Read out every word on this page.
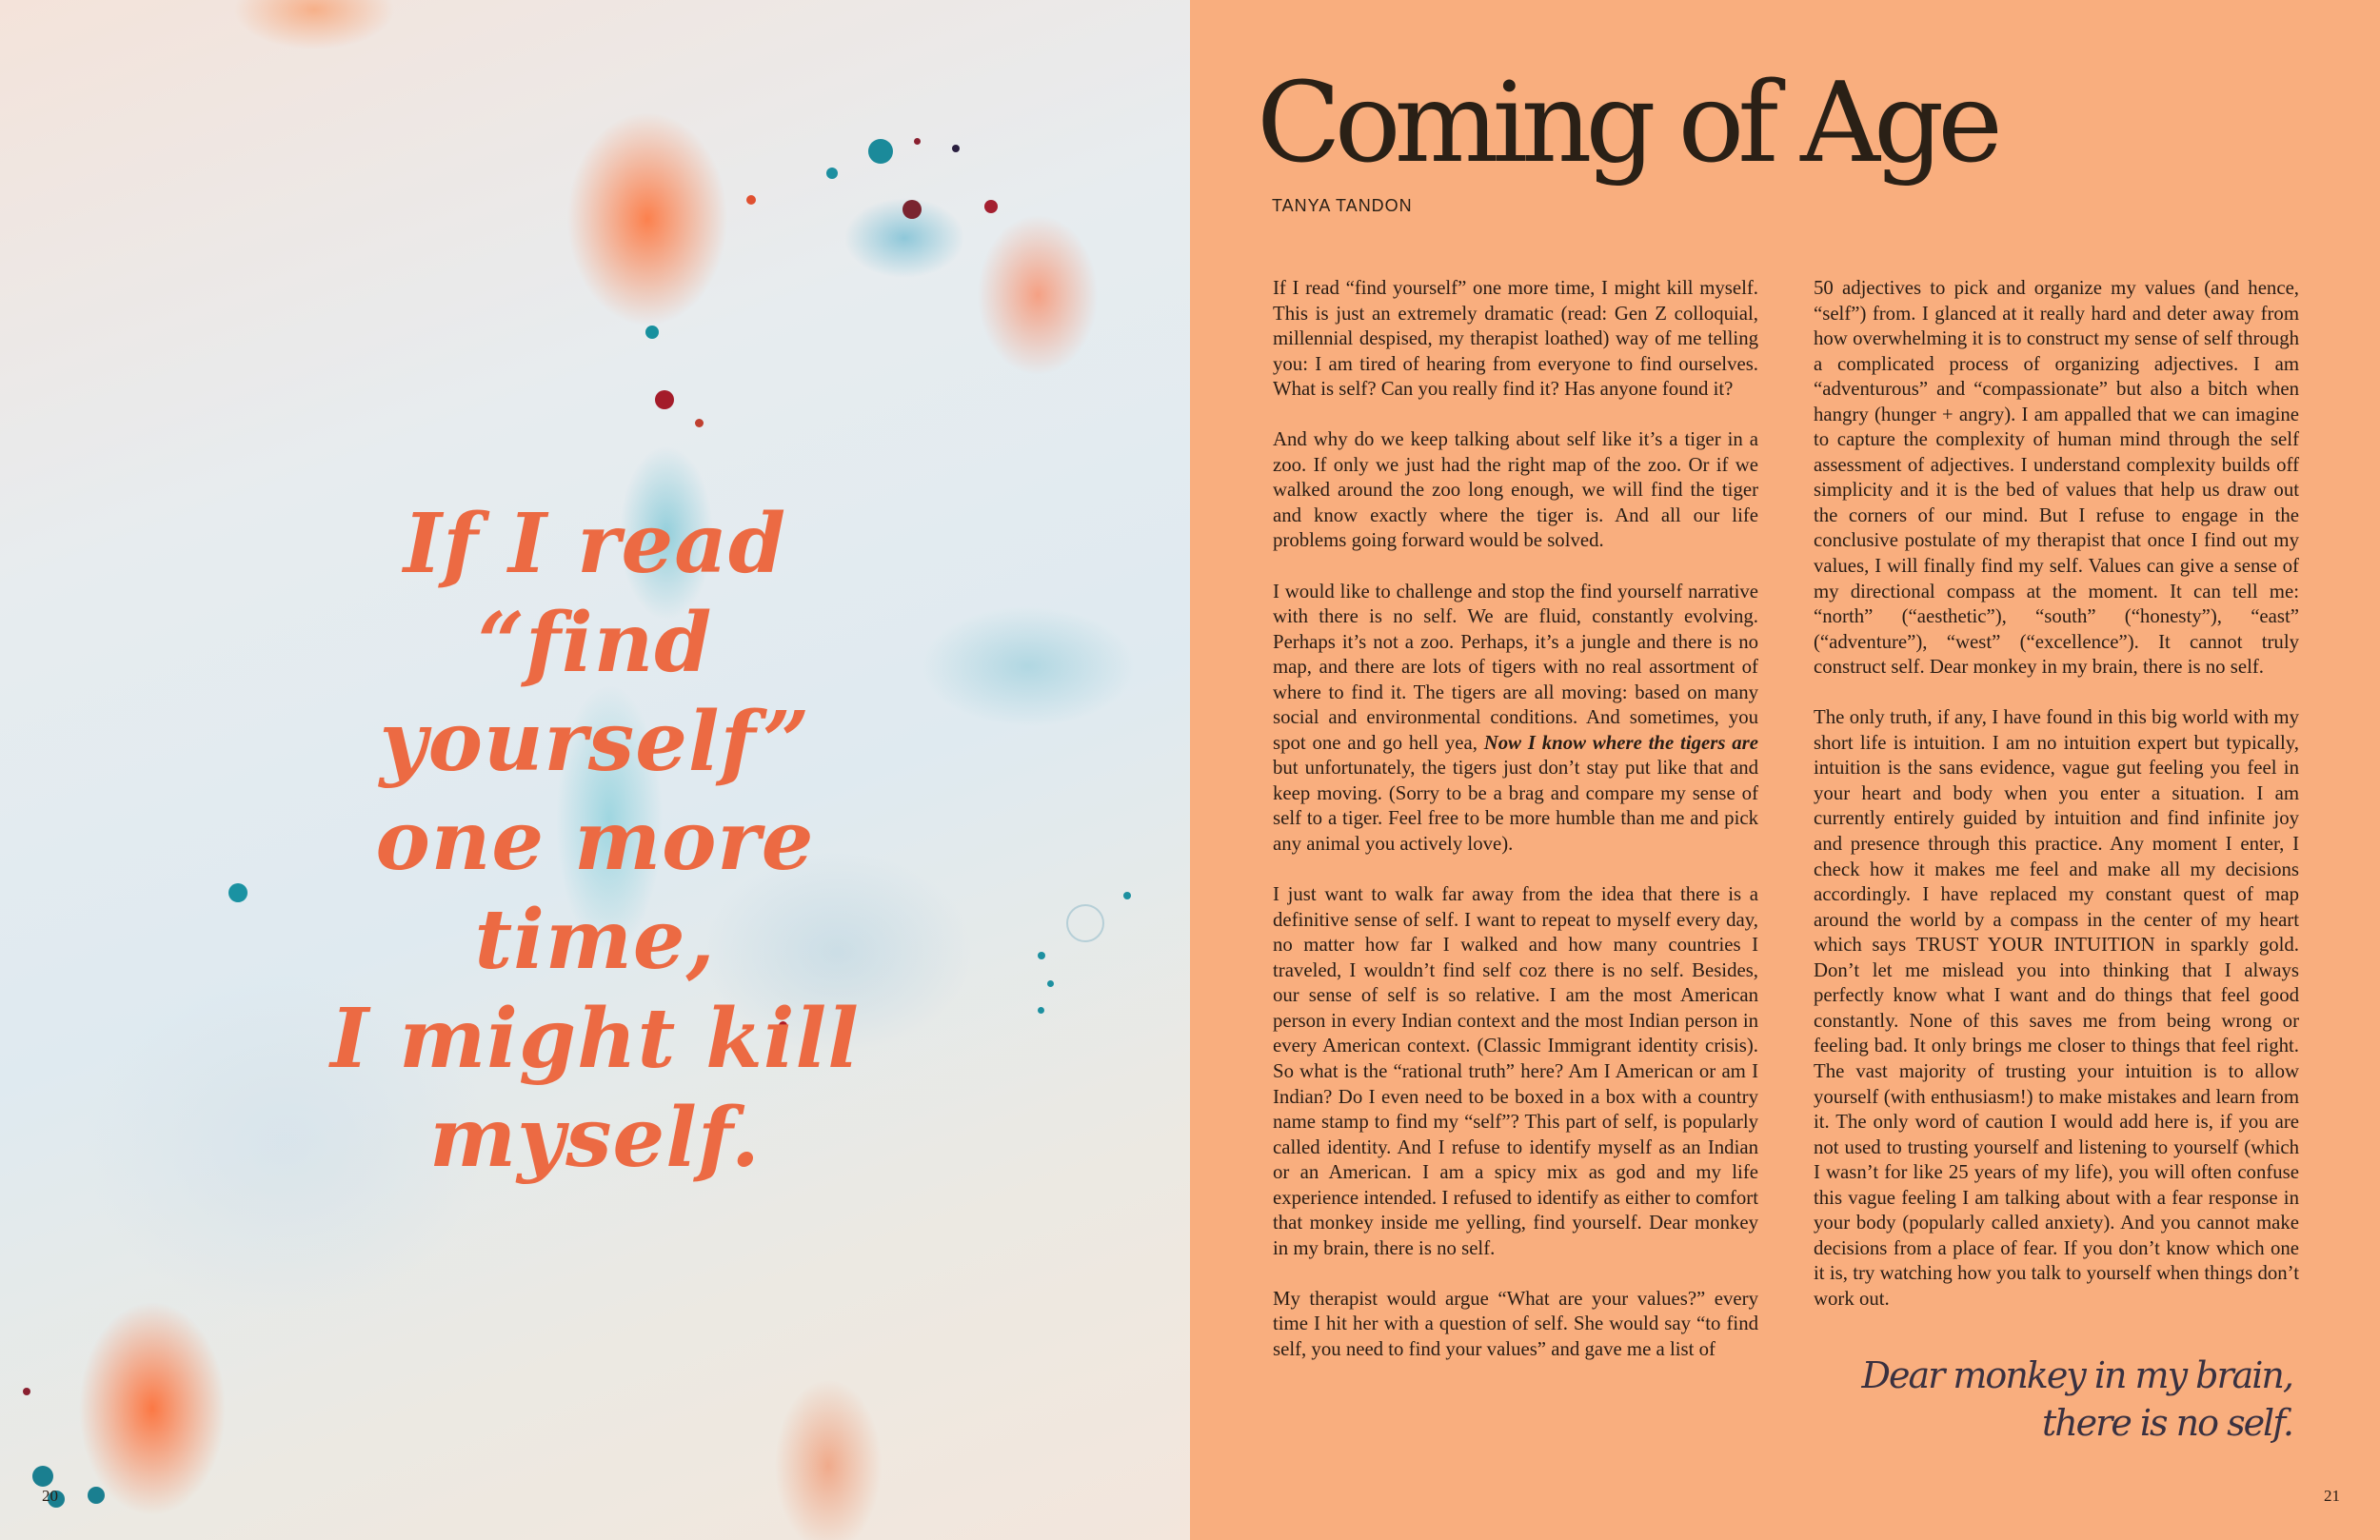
If I read
“find yourself”
one more time,
I might kill
myself.
20
Coming of Age
TANYA TANDON

If I read “find yourself” one more time, I might kill myself. This is just an extremely dramatic (read: Gen Z colloquial, millennial despised, my therapist loathed) way of me telling you: I am tired of hearing from everyone to find ourselves. What is self? Can you really find it? Has anyone found it?

And why do we keep talking about self like it’s a tiger in a zoo. If only we just had the right map of the zoo. Or if we walked around the zoo long enough, we will find the tiger and know exactly where the tiger is. And all our life problems going forward would be solved.

I would like to challenge and stop the find yourself narrative with there is no self. We are fluid, constantly evolving. Perhaps it’s not a zoo. Perhaps, it’s a jungle and there is no map, and there are lots of tigers with no real assortment of where to find it. The tigers are all moving: based on many social and environmental conditions. And sometimes, you spot one and go hell yea, Now I know where the tigers are but unfortunately, the tigers just don’t stay put like that and keep moving. (Sorry to be a brag and compare my sense of self to a tiger. Feel free to be more humble than me and pick any animal you actively love).

I just want to walk far away from the idea that there is a definitive sense of self. I want to repeat to myself every day, no matter how far I walked and how many countries I traveled, I wouldn’t find self coz there is no self. Besides, our sense of self is so relative. I am the most American person in every Indian context and the most Indian person in every American context. (Classic Immigrant identity crisis). So what is the “rational truth” here? Am I American or am I Indian? Do I even need to be boxed in a box with a country name stamp to find my “self”? This part of self, is popularly called identity. And I refuse to identify myself as an Indian or an American. I am a spicy mix as god and my life experience intended. I refused to identify as either to comfort that monkey inside me yelling, find yourself. Dear monkey in my brain, there is no self.

My therapist would argue “What are your values?” every time I hit her with a question of self. She would say “to find self, you need to find your values” and gave me a list of

50 adjectives to pick and organize my values (and hence, “self”) from. I glanced at it really hard and deter away from how overwhelming it is to construct my sense of self through a complicated process of organizing adjectives. I am “adventurous” and “compassionate” but also a bitch when hangry (hunger + angry). I am appalled that we can imagine to capture the complexity of human mind through the self assessment of adjectives. I understand complexity builds off simplicity and it is the bed of values that help us draw out the corners of our mind. But I refuse to engage in the conclusive postulate of my therapist that once I find out my values, I will finally find my self. Values can give a sense of my directional compass at the moment. It can tell me: “north” (“aesthetic”), “south” (“honesty”), “east” (“adventure”), “west” (“excellence”). It cannot truly construct self. Dear monkey in my brain, there is no self.

The only truth, if any, I have found in this big world with my short life is intuition. I am no intuition expert but typically, intuition is the sans evidence, vague gut feeling you feel in your heart and body when you enter a situation. I am currently entirely guided by intuition and find infinite joy and presence through this practice. Any moment I enter, I check how it makes me feel and make all my decisions accordingly. I have replaced my constant quest of map around the world by a compass in the center of my heart which says TRUST YOUR INTUITION in sparkly gold. Don’t let me mislead you into thinking that I always perfectly know what I want and do things that feel good constantly. None of this saves me from being wrong or feeling bad. It only brings me closer to things that feel right. The vast majority of trusting your intuition is to allow yourself (with enthusiasm!) to make mistakes and learn from it. The only word of caution I would add here is, if you are not used to trusting yourself and listening to yourself (which I wasn’t for like 25 years of my life), you will often confuse this vague feeling I am talking about with a fear response in your body (popularly called anxiety). And you cannot make decisions from a place of fear. If you don’t know which one it is, try watching how you talk to yourself when things don’t work out.

Dear monkey in my brain,
there is no self.
21
